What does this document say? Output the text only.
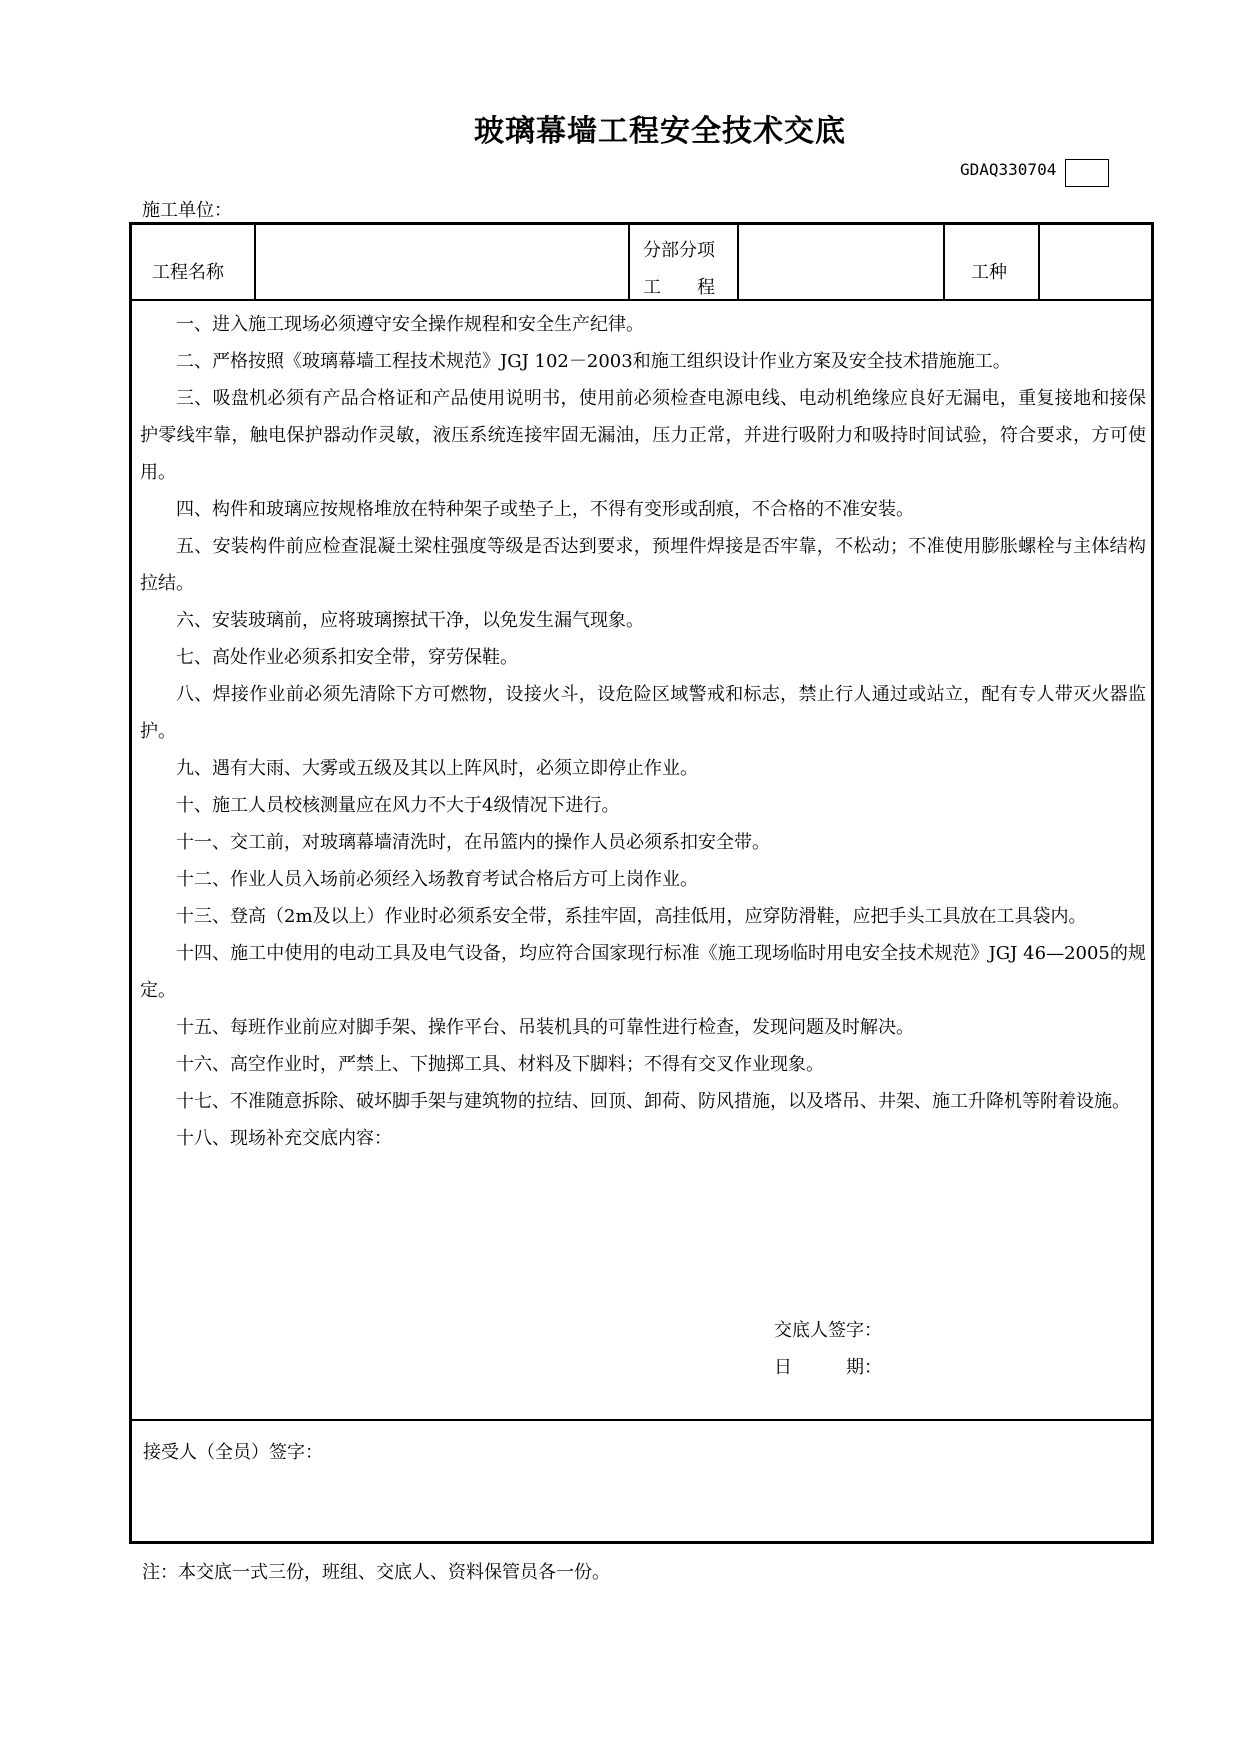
玻璃幕墙工程安全技术交底
GDAQ330704
施工单位：
工程名称
分部分项
工　　程
工种
交底人签字：
日　　　期：
接受人（全员）签字：

一、进入施工现场必须遵守安全操作规程和安全生产纪律。

二、严格按照《玻璃幕墙工程技术规范》JGJ 102－2003和施工组织设计作业方案及安全技术措施施工。

三、吸盘机必须有产品合格证和产品使用说明书，使用前必须检查电源电线、电动机绝缘应良好无漏电，重复接地和接保护零线牢靠，触电保护器动作灵敏，液压系统连接牢固无漏油，压力正常，并进行吸附力和吸持时间试验，符合要求，方可使用。

四、构件和玻璃应按规格堆放在特种架子或垫子上，不得有变形或刮痕，不合格的不准安装。

五、安装构件前应检查混凝土梁柱强度等级是否达到要求，预埋件焊接是否牢靠，不松动；不准使用膨胀螺栓与主体结构拉结。

六、安装玻璃前，应将玻璃擦拭干净，以免发生漏气现象。

七、高处作业必须系扣安全带，穿劳保鞋。

八、焊接作业前必须先清除下方可燃物，设接火斗，设危险区域警戒和标志，禁止行人通过或站立，配有专人带灭火器监护。

九、遇有大雨、大雾或五级及其以上阵风时，必须立即停止作业。

十、施工人员校核测量应在风力不大于4级情况下进行。

十一、交工前，对玻璃幕墙清洗时，在吊篮内的操作人员必须系扣安全带。

十二、作业人员入场前必须经入场教育考试合格后方可上岗作业。

十三、登高（2m及以上）作业时必须系安全带，系挂牢固，高挂低用，应穿防滑鞋，应把手头工具放在工具袋内。

十四、施工中使用的电动工具及电气设备，均应符合国家现行标准《施工现场临时用电安全技术规范》JGJ 46—2005的规定。

十五、每班作业前应对脚手架、操作平台、吊装机具的可靠性进行检查，发现问题及时解决。

十六、高空作业时，严禁上、下抛掷工具、材料及下脚料；不得有交叉作业现象。

十七、不准随意拆除、破坏脚手架与建筑物的拉结、回顶、卸荷、防风措施，以及塔吊、井架、施工升降机等附着设施。

十八、现场补充交底内容：

注：本交底一式三份，班组、交底人、资料保管员各一份。
